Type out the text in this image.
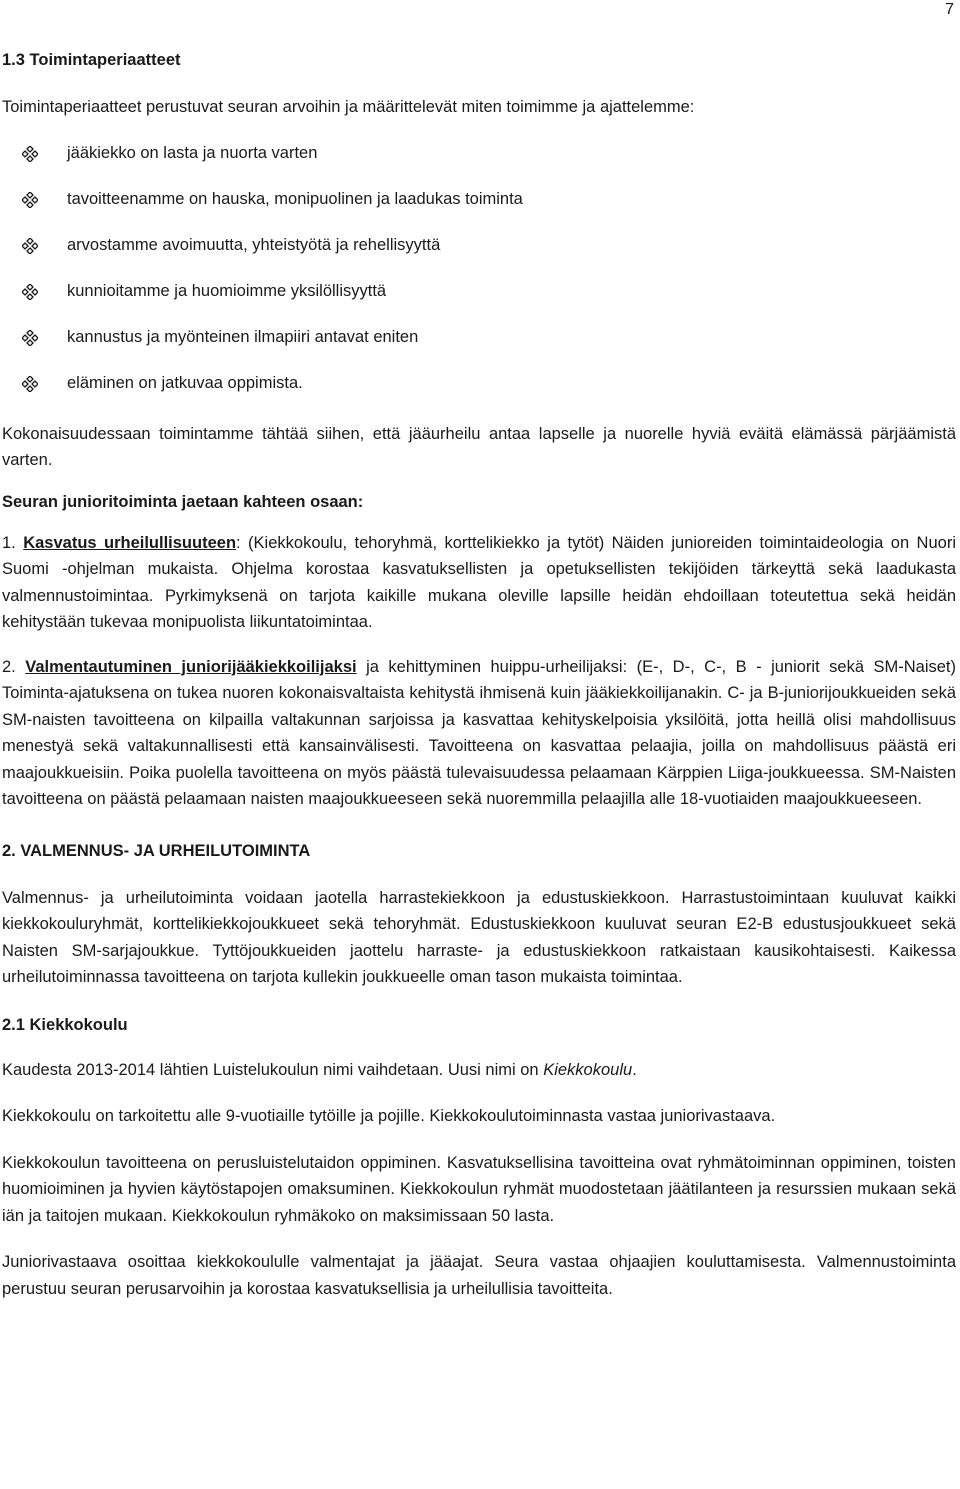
7
1.3 Toimintaperiaatteet
Toimintaperiaatteet perustuvat seuran arvoihin ja määrittelevät miten toimimme ja ajattelemme:
jääkiekko on lasta ja nuorta varten
tavoitteenamme on hauska, monipuolinen ja laadukas toiminta
arvostamme avoimuutta, yhteistyötä ja rehellisyyttä
kunnioitamme ja huomioimme yksilöllisyyttä
kannustus ja myönteinen ilmapiiri antavat eniten
eläminen on jatkuvaa oppimista.
Kokonaisuudessaan toimintamme tähtää siihen, että jääurheilu antaa lapselle ja nuorelle hyviä eväitä elämässä pärjäämistä varten.
Seuran junioritoiminta jaetaan kahteen osaan:
1. Kasvatus urheilullisuuteen: (Kiekkokoulu, tehoryhmä, korttelikiekko ja tytöt) Näiden junioreiden toimintaideologia on Nuori Suomi -ohjelman mukaista. Ohjelma korostaa kasvatuksellisten ja opetuksellisten tekijöiden tärkeyttä sekä laadukasta valmennustoimintaa. Pyrkimyksenä on tarjota kaikille mukana oleville lapsille heidän ehdoillaan toteutettua sekä heidän kehitystään tukevaa monipuolista liikuntatoimintaa.
2. Valmentautuminen juniorijääkiekkoilijaksi ja kehittyminen huippu-urheilijaksi: (E-, D-, C-, B - juniorit sekä SM-Naiset) Toiminta-ajatuksena on tukea nuoren kokonaisvaltaista kehitystä ihmisenä kuin jääkiekkoilijanakin. C- ja B-juniorijoukkueiden sekä SM-naisten tavoitteena on kilpailla valtakunnan sarjoissa ja kasvattaa kehityskelpoisia yksilöitä, jotta heillä olisi mahdollisuus menestyä sekä valtakunnallisesti että kansainvälisesti. Tavoitteena on kasvattaa pelaajia, joilla on mahdollisuus päästä eri maajoukkueisiin. Poika puolella tavoitteena on myös päästä tulevaisuudessa pelaamaan Kärppien Liiga-joukkueessa. SM-Naisten tavoitteena on päästä pelaamaan naisten maajoukkueeseen sekä nuoremmilla pelaajilla alle 18-vuotiaiden maajoukkueeseen.
2. VALMENNUS- JA URHEILUTOIMINTA
Valmennus- ja urheilutoiminta voidaan jaotella harrastekiekkoon ja edustuskiekkoon. Harrastustoimintaan kuuluvat kaikki kiekkokouluryhmät, korttelikiekkojoukkueet sekä tehoryhmät. Edustuskiekkoon kuuluvat seuran E2-B edustusjoukkueet sekä Naisten SM-sarjajoukkue. Tyttöjoukkueiden jaottelu harraste- ja edustuskiekkoon ratkaistaan kausikohtaisesti. Kaikessa urheilutoiminnassa tavoitteena on tarjota kullekin joukkueelle oman tason mukaista toimintaa.
2.1 Kiekkokoulu
Kaudesta 2013-2014 lähtien Luistelukoulun nimi vaihdetaan. Uusi nimi on Kiekkokoulu.
Kiekkokoulu on tarkoitettu alle 9-vuotiaille tytöille ja pojille. Kiekkokoulutoiminnasta vastaa juniorivastaava.
Kiekkokoulun tavoitteena on perusluistelutaidon oppiminen. Kasvatuksellisina tavoitteina ovat ryhmätoiminnan oppiminen, toisten huomioiminen ja hyvien käytöstapojen omaksuminen. Kiekkokoulun ryhmät muodostetaan jäätilanteen ja resurssien mukaan sekä iän ja taitojen mukaan. Kiekkokoulun ryhmäkoko on maksimissaan 50 lasta.
Juniorivastaava osoittaa kiekkokoululle valmentajat ja jääajat. Seura vastaa ohjaajien kouluttamisesta. Valmennustoiminta perustuu seuran perusarvoihin ja korostaa kasvatuksellisia ja urheilullisia tavoitteita.
